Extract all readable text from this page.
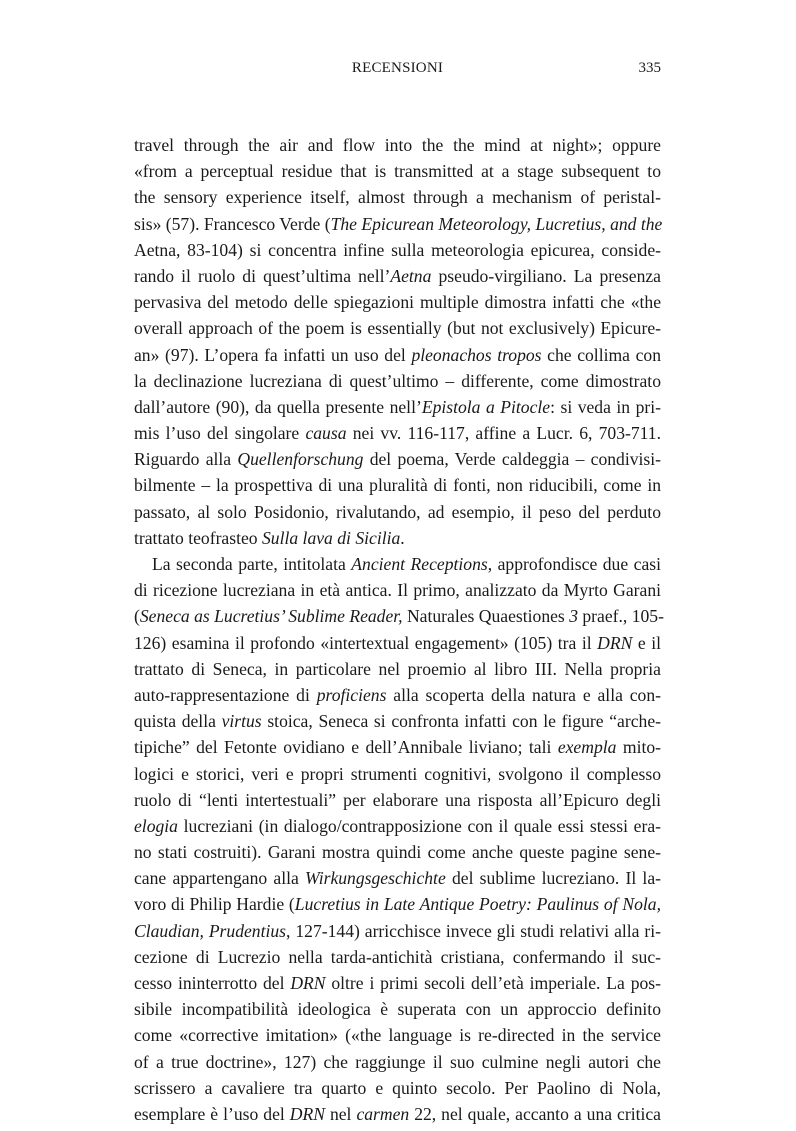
RECENSIONI	335
travel through the air and flow into the the mind at night»; oppure
«from a perceptual residue that is transmitted at a stage subsequent to
the sensory experience itself, almost through a mechanism of peristal-
sis» (57). Francesco Verde (The Epicurean Meteorology, Lucretius, and the
Aetna, 83-104) si concentra infine sulla meteorologia epicurea, conside-
rando il ruolo di quest’ultima nell’Aetna pseudo-virgiliano. La presenza
pervasiva del metodo delle spiegazioni multiple dimostra infatti che «the
overall approach of the poem is essentially (but not exclusively) Epicure-
an» (97). L’opera fa infatti un uso del pleonachos tropos che collima con
la declinazione lucreziana di quest’ultimo – differente, come dimostrato
dall’autore (90), da quella presente nell’Epistola a Pitocle: si veda in pri-
mis l’uso del singolare causa nei vv. 116-117, affine a Lucr. 6, 703-711.
Riguardo alla Quellenforschung del poema, Verde caldeggia – condivisi-
bilmente – la prospettiva di una pluralità di fonti, non riducibili, come in
passato, al solo Posidonio, rivalutando, ad esempio, il peso del perduto
trattato teofrasteo Sulla lava di Sicilia.
La seconda parte, intitolata Ancient Receptions, approfondisce due casi
di ricezione lucreziana in età antica. Il primo, analizzato da Myrto Garani
(Seneca as Lucretius’ Sublime Reader, Naturales Quaestiones 3 praef., 105-
126) esamina il profondo «intertextual engagement» (105) tra il DRN e il
trattato di Seneca, in particolare nel proemio al libro III. Nella propria
auto-rappresentazione di proficiens alla scoperta della natura e alla con-
quista della virtus stoica, Seneca si confronta infatti con le figure “arche-
tipiche” del Fetonte ovidiano e dell’Annibale liviano; tali exempla mito-
logici e storici, veri e propri strumenti cognitivi, svolgono il complesso
ruolo di “lenti intertestuali” per elaborare una risposta all’Epicuro degli
elogia lucreziani (in dialogo/contrapposizione con il quale essi stessi era-
no stati costruiti). Garani mostra quindi come anche queste pagine sene-
cane appartengano alla Wirkungsgeschichte del sublime lucreziano. Il la-
voro di Philip Hardie (Lucretius in Late Antique Poetry: Paulinus of Nola,
Claudian, Prudentius, 127-144) arricchisce invece gli studi relativi alla ri-
cezione di Lucrezio nella tarda-antichità cristiana, confermando il suc-
cesso ininterrotto del DRN oltre i primi secoli dell’età imperiale. La pos-
sibile incompatibilità ideologica è superata con un approccio definito
come «corrective imitation» («the language is re-directed in the service
of a true doctrine», 127) che raggiunge il suo culmine negli autori che
scrissero a cavaliere tra quarto e quinto secolo. Per Paolino di Nola,
esemplare è l’uso del DRN nel carmen 22, nel quale, accanto a una critica
